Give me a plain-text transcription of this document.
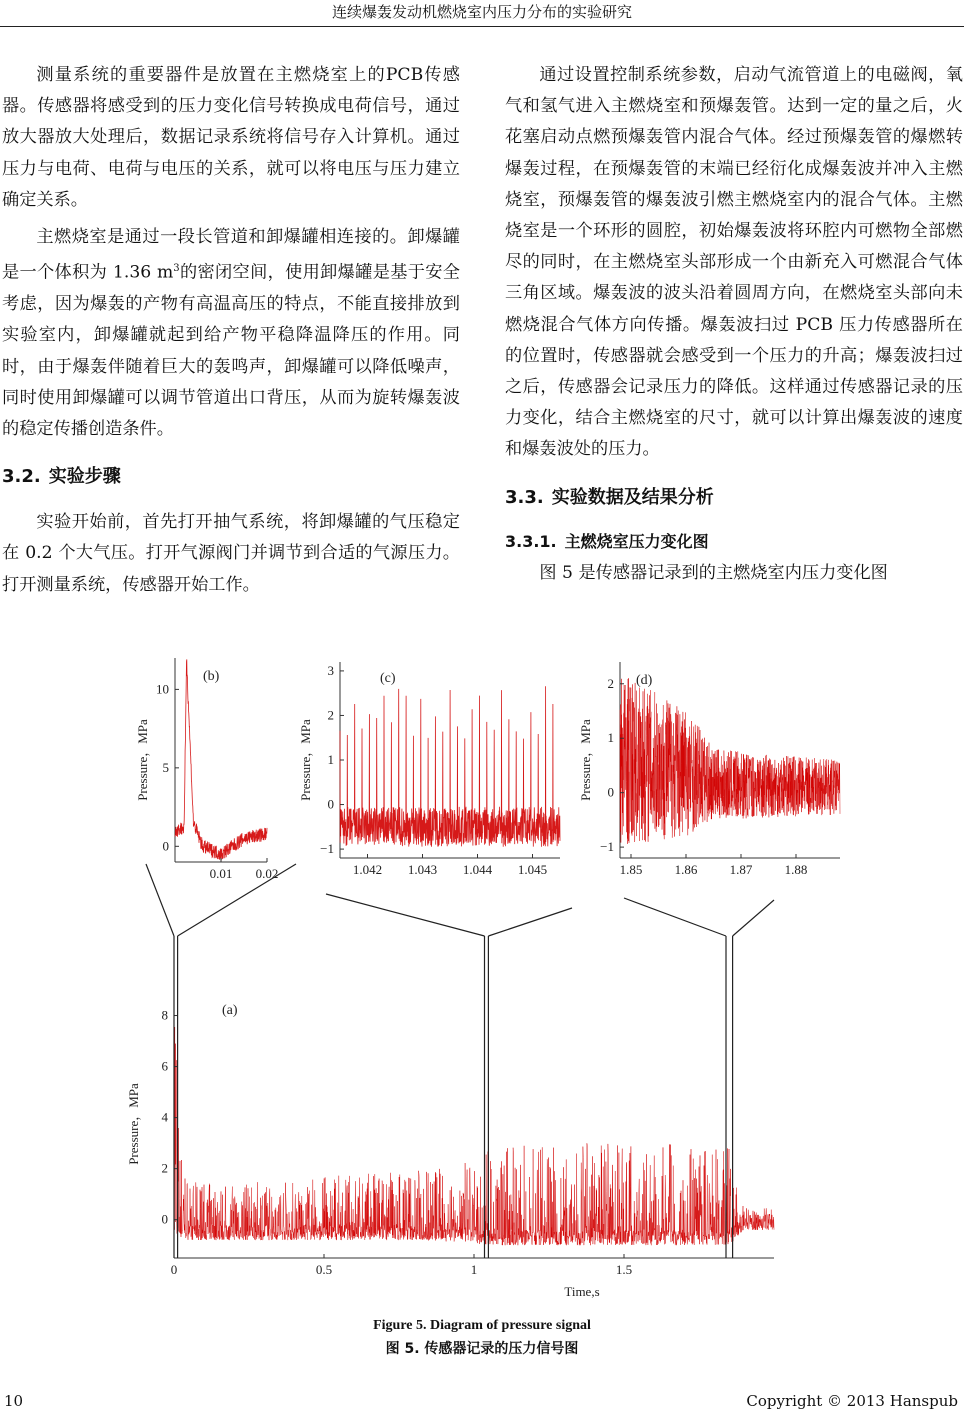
连续爆轰发动机燃烧室内压力分布的实验研究

测量系统的重要器件是放置在主燃烧室上的PCB传感器。传感器将感受到的压力变化信号转换成电荷信号，通过放大器放大处理后，数据记录系统将信号存入计算机。通过压力与电荷、电荷与电压的关系，就可以将电压与压力建立确定关系。

主燃烧室是通过一段长管道和卸爆罐相连接的。卸爆罐是一个体积为 1.36 $m^3$的密闭空间，使用卸爆罐是基于安全考虑，因为爆轰的产物有高温高压的特点，不能直接排放到实验室内，卸爆罐就起到给产物平稳降温降压的作用。同时，由于爆轰伴随着巨大的轰鸣声，卸爆罐可以降低噪声，同时使用卸爆罐可以调节管道出口背压，从而为旋转爆轰波的稳定传播创造条件。

3.2. 实验步骤

实验开始前，首先打开抽气系统，将卸爆罐的气压稳定在 0.2 个大气压。打开气源阀门并调节到合适的气源压力。打开测量系统，传感器开始工作。

通过设置控制系统参数，启动气流管道上的电磁阀，氧气和氢气进入主燃烧室和预爆轰管。达到一定的量之后，火花塞启动点燃预爆轰管内混合气体。经过预爆轰管的爆燃转爆轰过程，在预爆轰管的末端已经衍化成爆轰波并冲入主燃烧室，预爆轰管的爆轰波引燃主燃烧室内的混合气体。主燃烧室是一个环形的圆腔，初始爆轰波将环腔内可燃物全部燃尽的同时，在主燃烧室头部形成一个由新充入可燃混合气体三角区域。爆轰波的波头沿着圆周方向，在燃烧室头部向未燃烧混合气体方向传播。爆轰波扫过 PCB 压力传感器所在的位置时，传感器就会感受到一个压力的升高；爆轰波扫过之后，传感器会记录压力的降低。这样通过传感器记录的压力变化，结合主燃烧室的尺寸，就可以计算出爆轰波的速度和爆轰波处的压力。

3.3. 实验数据及结果分析
3.3.1. 主燃烧室压力变化图

图 5 是传感器记录到的主燃烧室内压力变化图

0
2
4
6
8
0	0.5	1	1.5
(a)
Pressure，MPa
Time,s
0
5
10
0.01 0.02
(b)
Pressure，MPa
−1
0
1
2
3
1.042 1.043 1.044 1.045
(c)
Pressure，MPa
−1
0
1
2
1.85 1.86 1.87 1.88
(d)
Pressure，MPa
Figure 5. Diagram of pressure signal
图 5. 传感器记录的压力信号图
10	Copyright © 2013 Hanspub
